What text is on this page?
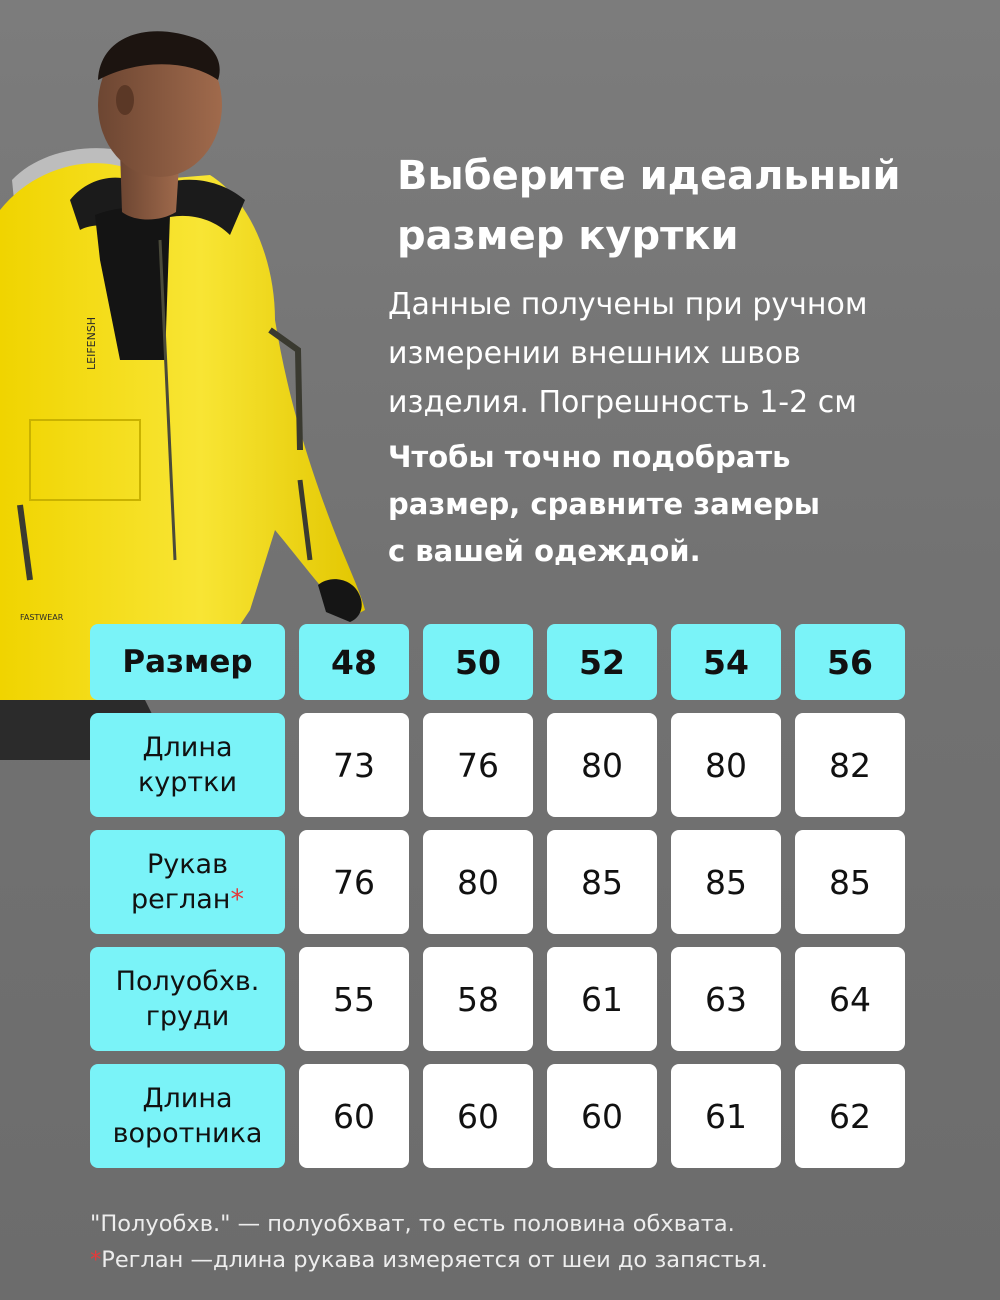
LEIFENSH
FASTWEAR
Выберите идеальный
размер куртки

Данные получены при ручном
измерении внешних швов
изделия. Погрешность 1-2 см

Чтобы точно подобрать
размер, сравните замеры
с вашей одеждой.

Размер	48	50	52	54	56
Длина
куртки	73	76	80	80	82
Рукав
реглан*	76	80	85	85	85
Полуобхв.
груди	55	58	61	63	64
Длина
воротника	60	60	60	61	62

"Полуобхв." — полуобхват, то есть половина обхвата.

*Реглан —длина рукава измеряется от шеи до запястья.
